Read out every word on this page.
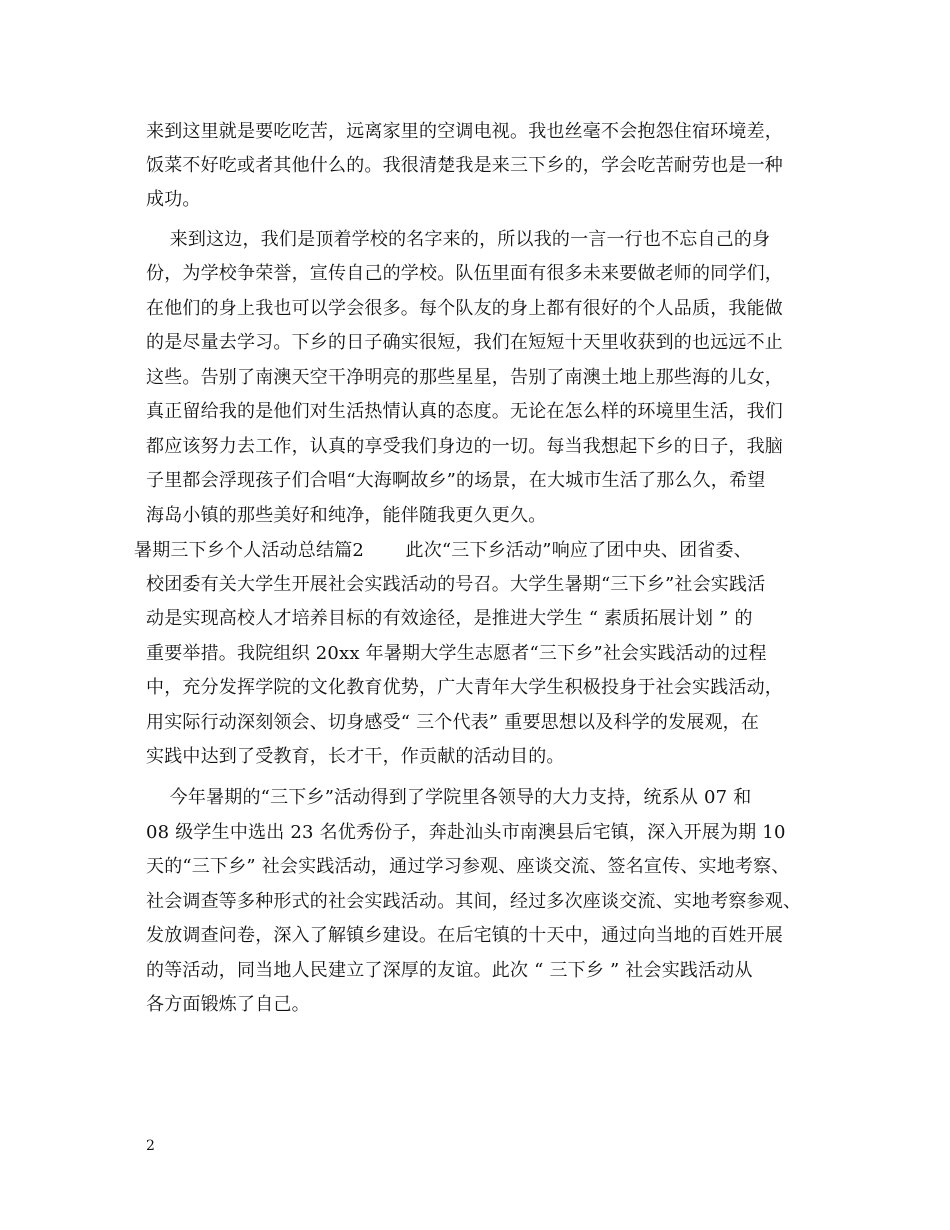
来到这里就是要吃吃苦，远离家里的空调电视。我也丝毫不会抱怨住宿环境差，
饭菜不好吃或者其他什么的。我很清楚我是来三下乡的，学会吃苦耐劳也是一种
成功。
来到这边，我们是顶着学校的名字来的，所以我的一言一行也不忘自己的身
份，为学校争荣誉，宣传自己的学校。队伍里面有很多未来要做老师的同学们，
在他们的身上我也可以学会很多。每个队友的身上都有很好的个人品质，我能做
的是尽量去学习。下乡的日子确实很短，我们在短短十天里收获到的也远远不止
这些。告别了南澳天空干净明亮的那些星星，告别了南澳土地上那些海的儿女，
真正留给我的是他们对生活热情认真的态度。无论在怎么样的环境里生活，我们
都应该努力去工作，认真的享受我们身边的一切。每当我想起下乡的日子，我脑
子里都会浮现孩子们合唱“大海啊故乡”的场景，在大城市生活了那么久，希望
海岛小镇的那些美好和纯净，能伴随我更久更久。
暑期三下乡个人活动总结篇2       此次“三下乡活动”响应了团中央、团省委、
校团委有关大学生开展社会实践活动的号召。大学生暑期“三下乡”社会实践活
动是实现高校人才培养目标的有效途径，是推进大学生 “ 素质拓展计划 ” 的
重要举措。我院组织 20xx 年暑期大学生志愿者“三下乡”社会实践活动的过程
中，充分发挥学院的文化教育优势，广大青年大学生积极投身于社会实践活动，
用实际行动深刻领会、切身感受“ 三个代表” 重要思想以及科学的发展观，在
实践中达到了受教育，长才干，作贡献的活动目的。
今年暑期的“三下乡”活动得到了学院里各领导的大力支持，统系从 07 和
08 级学生中选出 23 名优秀份子，奔赴汕头市南澳县后宅镇，深入开展为期 10
天的“三下乡” 社会实践活动，通过学习参观、座谈交流、签名宣传、实地考察、
社会调查等多种形式的社会实践活动。其间，经过多次座谈交流、实地考察参观、
发放调查问卷，深入了解镇乡建设。在后宅镇的十天中，通过向当地的百姓开展
的等活动，同当地人民建立了深厚的友谊。此次 “ 三下乡 ” 社会实践活动从
各方面锻炼了自己。
2
